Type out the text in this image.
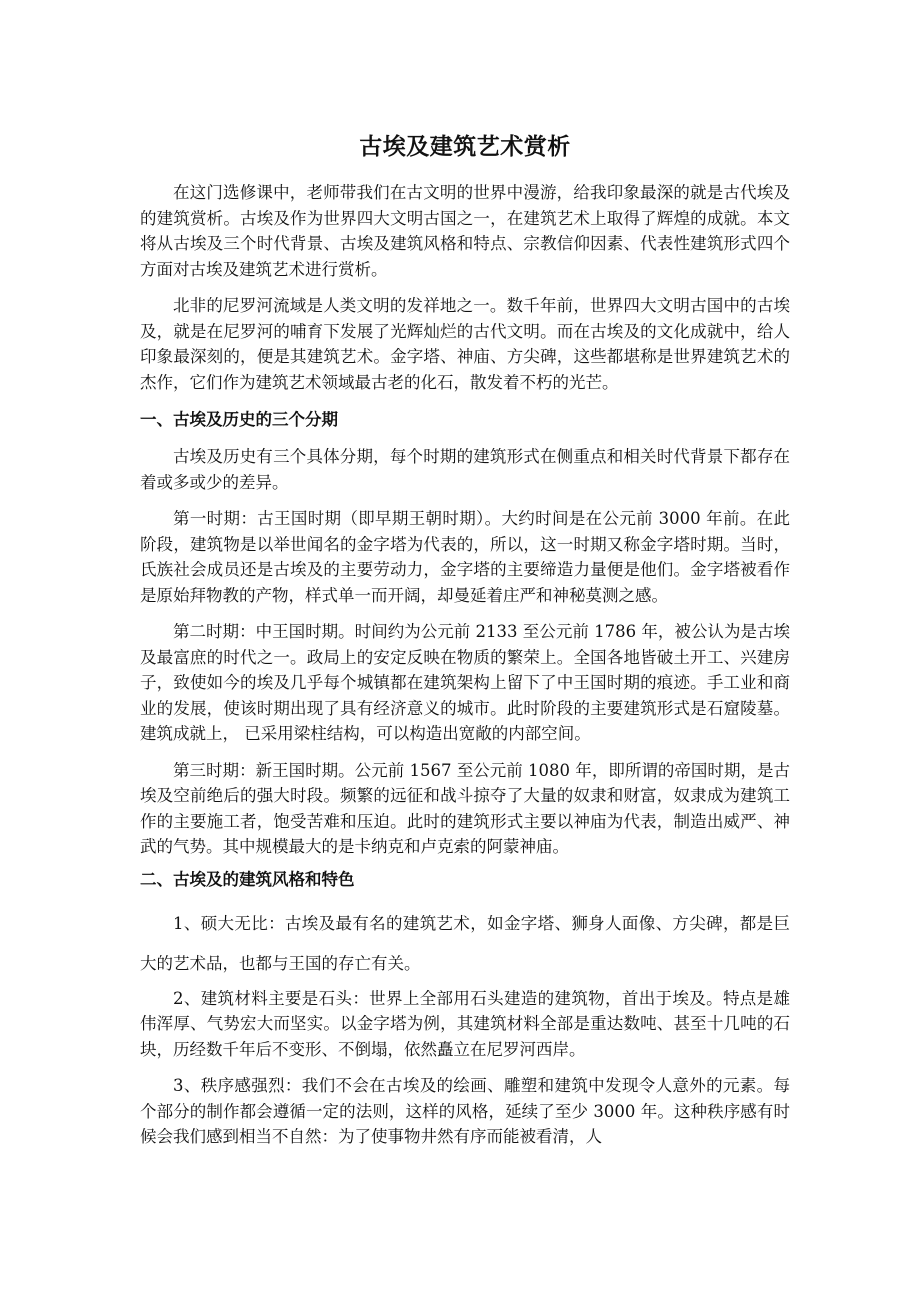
古埃及建筑艺术赏析

在这门选修课中，老师带我们在古文明的世界中漫游，给我印象最深的就是古代埃及的建筑赏析。古埃及作为世界四大文明古国之一，在建筑艺术上取得了辉煌的成就。本文将从古埃及三个时代背景、古埃及建筑风格和特点、宗教信仰因素、代表性建筑形式四个方面对古埃及建筑艺术进行赏析。

北非的尼罗河流域是人类文明的发祥地之一。数千年前，世界四大文明古国中的古埃及，就是在尼罗河的哺育下发展了光辉灿烂的古代文明。而在古埃及的文化成就中，给人印象最深刻的，便是其建筑艺术。金字塔、神庙、方尖碑，这些都堪称是世界建筑艺术的杰作，它们作为建筑艺术领域最古老的化石，散发着不朽的光芒。

一、古埃及历史的三个分期

古埃及历史有三个具体分期，每个时期的建筑形式在侧重点和相关时代背景下都存在着或多或少的差异。

第一时期：古王国时期（即早期王朝时期）。大约时间是在公元前 3000 年前。在此阶段，建筑物是以举世闻名的金字塔为代表的，所以，这一时期又称金字塔时期。当时，氏族社会成员还是古埃及的主要劳动力，金字塔的主要缔造力量便是他们。金字塔被看作是原始拜物教的产物，样式单一而开阔，却曼延着庄严和神秘莫测之感。

第二时期：中王国时期。时间约为公元前 2133 至公元前 1786 年，被公认为是古埃及最富庶的时代之一。政局上的安定反映在物质的繁荣上。全国各地皆破土开工、兴建房子，致使如今的埃及几乎每个城镇都在建筑架构上留下了中王国时期的痕迹。手工业和商业的发展，使该时期出现了具有经济意义的城市。此时阶段的主要建筑形式是石窟陵墓。建筑成就上， 已采用梁柱结构，可以构造出宽敞的内部空间。

第三时期：新王国时期。公元前 1567 至公元前 1080 年，即所谓的帝国时期，是古埃及空前绝后的强大时段。频繁的远征和战斗掠夺了大量的奴隶和财富，奴隶成为建筑工作的主要施工者，饱受苦难和压迫。此时的建筑形式主要以神庙为代表，制造出威严、神武的气势。其中规模最大的是卡纳克和卢克索的阿蒙神庙。

二、古埃及的建筑风格和特色

1、硕大无比：古埃及最有名的建筑艺术，如金字塔、狮身人面像、方尖碑，都是巨大的艺术品，也都与王国的存亡有关。

2、建筑材料主要是石头：世界上全部用石头建造的建筑物，首出于埃及。特点是雄伟浑厚、气势宏大而坚实。以金字塔为例，其建筑材料全部是重达数吨、甚至十几吨的石块，历经数千年后不变形、不倒塌，依然矗立在尼罗河西岸。

3、秩序感强烈：我们不会在古埃及的绘画、雕塑和建筑中发现令人意外的元素。每个部分的制作都会遵循一定的法则，这样的风格，延续了至少 3000 年。这种秩序感有时候会我们感到相当不自然：为了使事物井然有序而能被看清，人
